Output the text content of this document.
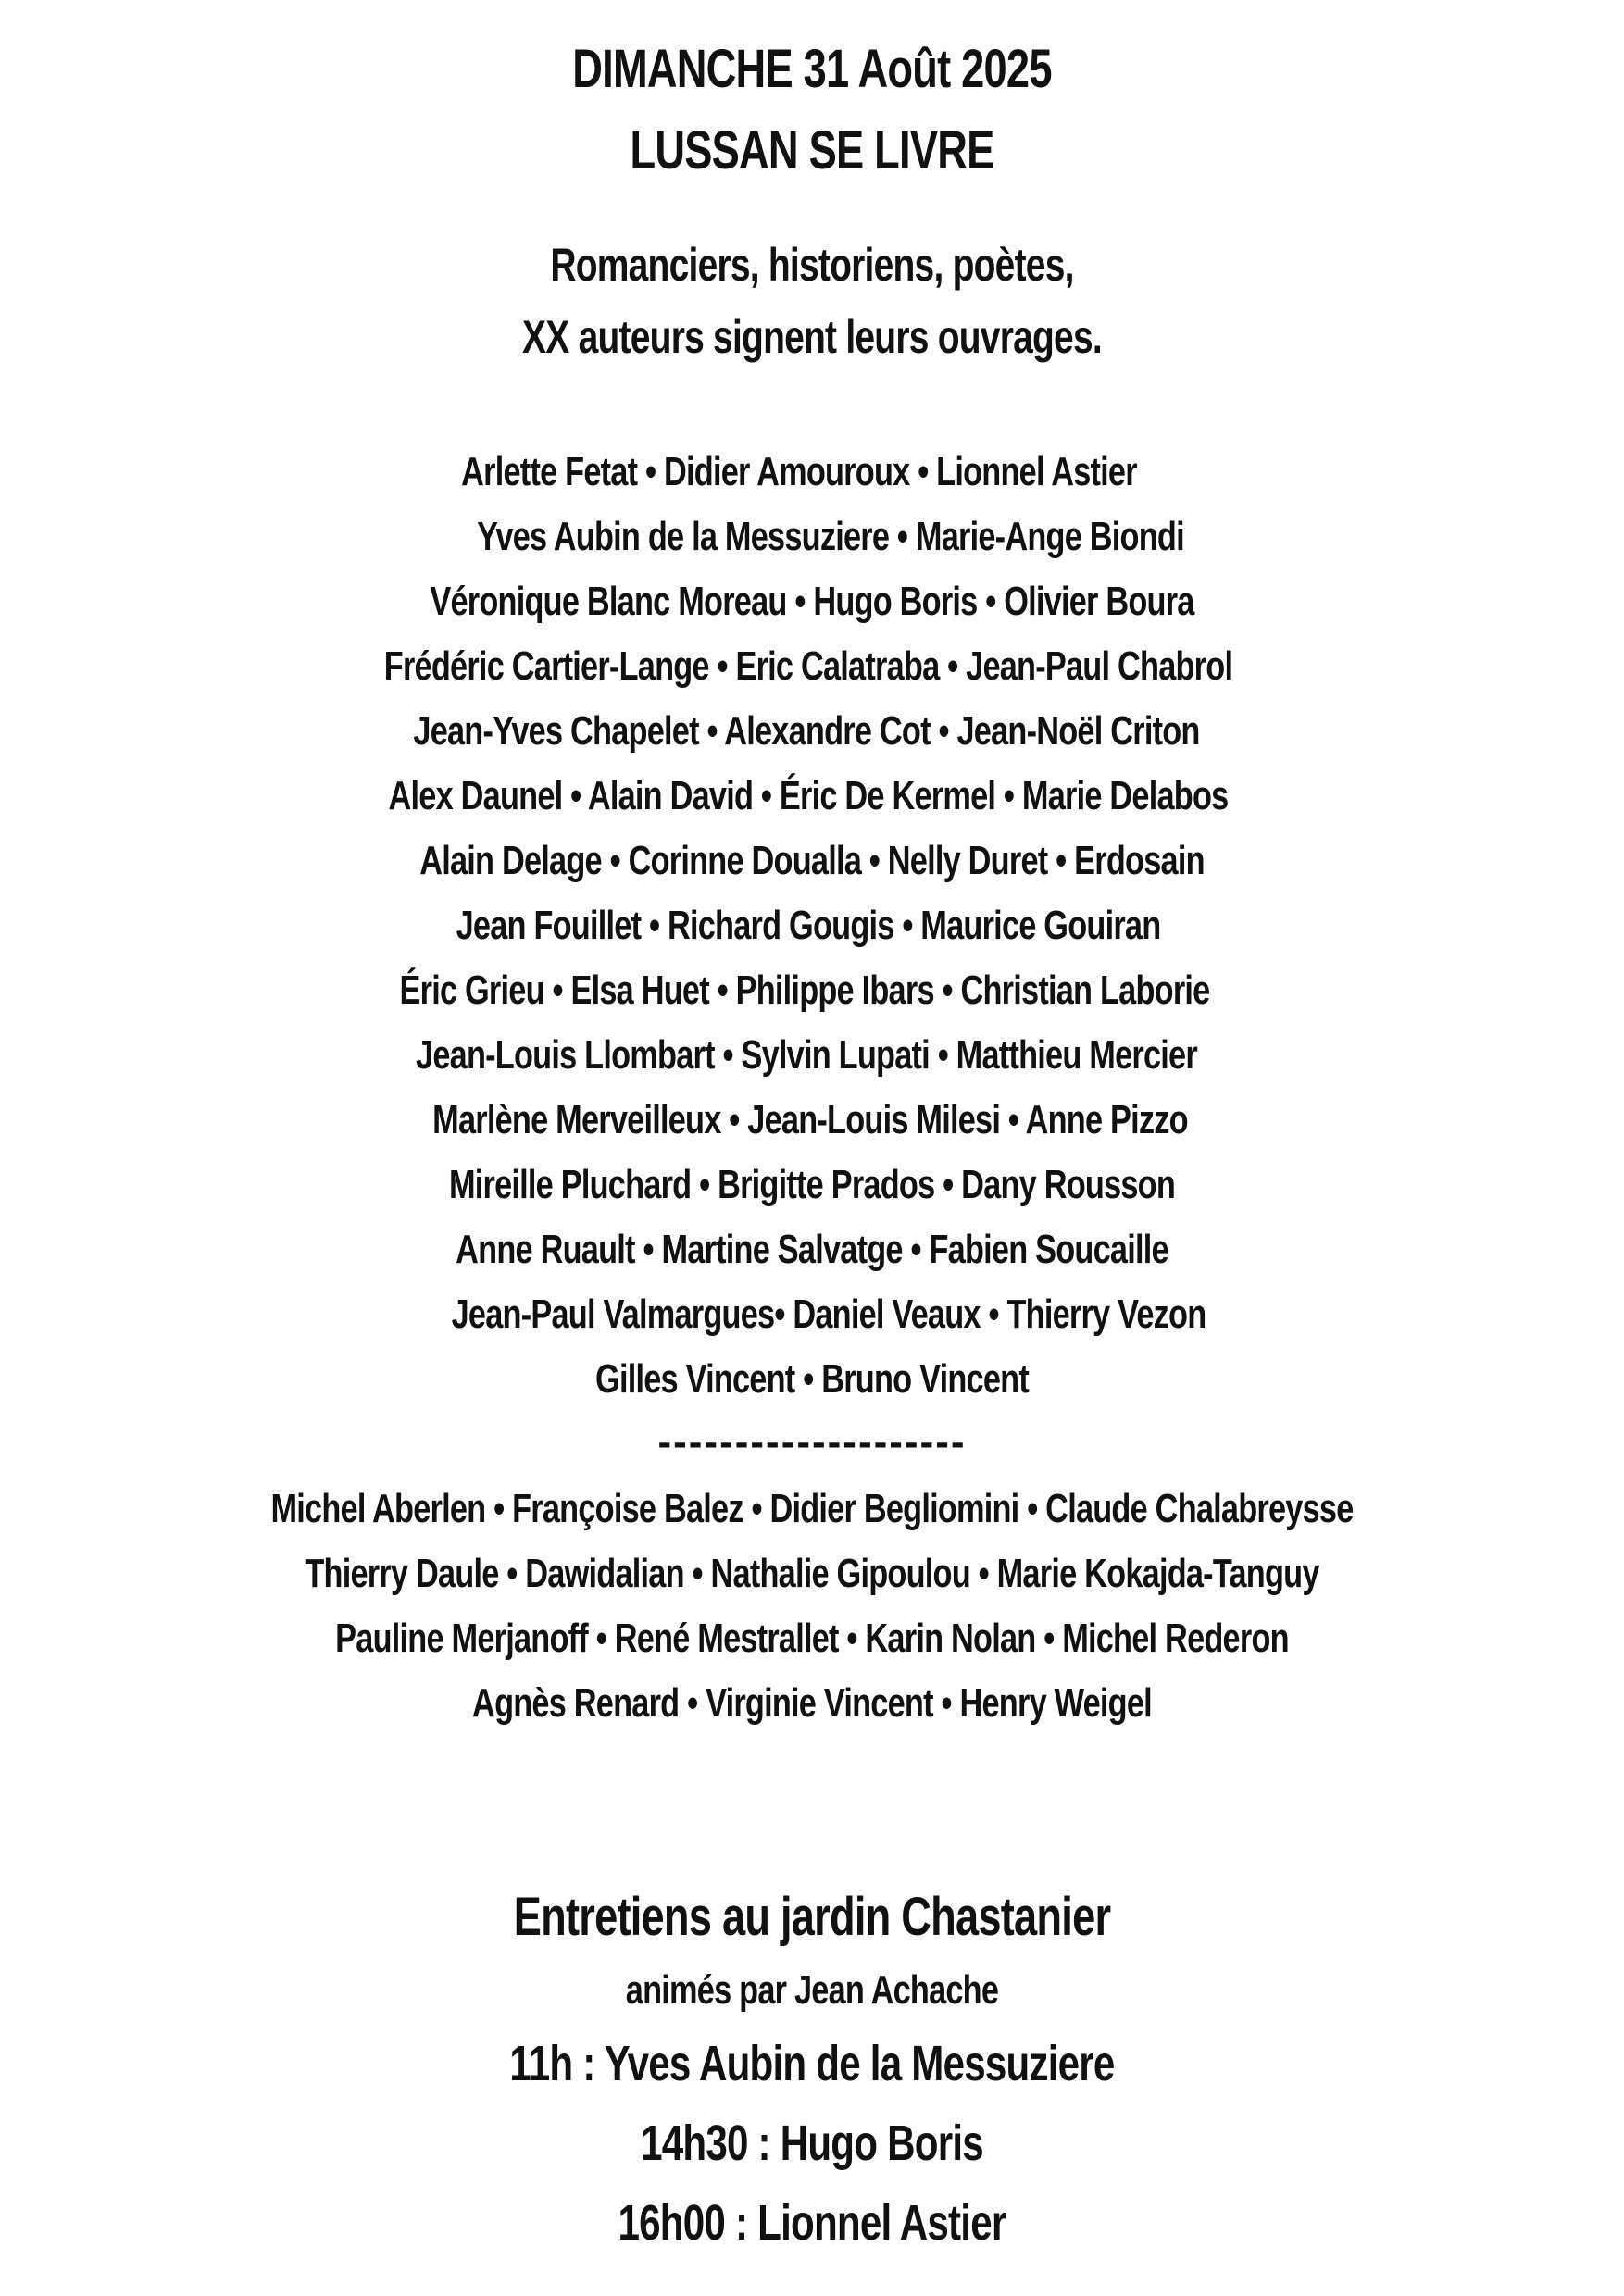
DIMANCHE 31 Août 2025
LUSSAN SE LIVRE
Romanciers, historiens, poètes,
XX auteurs signent leurs ouvrages.
Arlette Fetat • Didier Amouroux • Lionnel Astier
Yves Aubin de la Messuziere • Marie-Ange Biondi
Véronique Blanc Moreau • Hugo Boris • Olivier Boura
Frédéric Cartier-Lange • Eric Calatraba • Jean-Paul Chabrol
Jean-Yves Chapelet • Alexandre Cot • Jean-Noël Criton
Alex Daunel • Alain David • Éric De Kermel • Marie Delabos
Alain Delage • Corinne Doualla • Nelly Duret • Erdosain
Jean Fouillet • Richard Gougis • Maurice Gouiran
Éric Grieu • Elsa Huet • Philippe Ibars • Christian Laborie
Jean-Louis Llombart • Sylvin Lupati • Matthieu Mercier
Marlène Merveilleux • Jean-Louis Milesi • Anne Pizzo
Mireille Pluchard • Brigitte Prados • Dany Rousson
Anne Ruault • Martine Salvatge • Fabien Soucaille
Jean-Paul Valmargues• Daniel Veaux • Thierry Vezon
Gilles Vincent • Bruno Vincent
--------------------
Michel Aberlen • Françoise Balez • Didier Begliomini • Claude Chalabreysse
Thierry Daule • Dawidalian • Nathalie Gipoulou • Marie Kokajda-Tanguy
Pauline Merjanoff • René Mestrallet • Karin Nolan • Michel Rederon
Agnès Renard • Virginie Vincent • Henry Weigel
Entretiens au jardin Chastanier
animés par Jean Achache
11h : Yves Aubin de la Messuziere
14h30 : Hugo Boris
16h00 : Lionnel Astier
